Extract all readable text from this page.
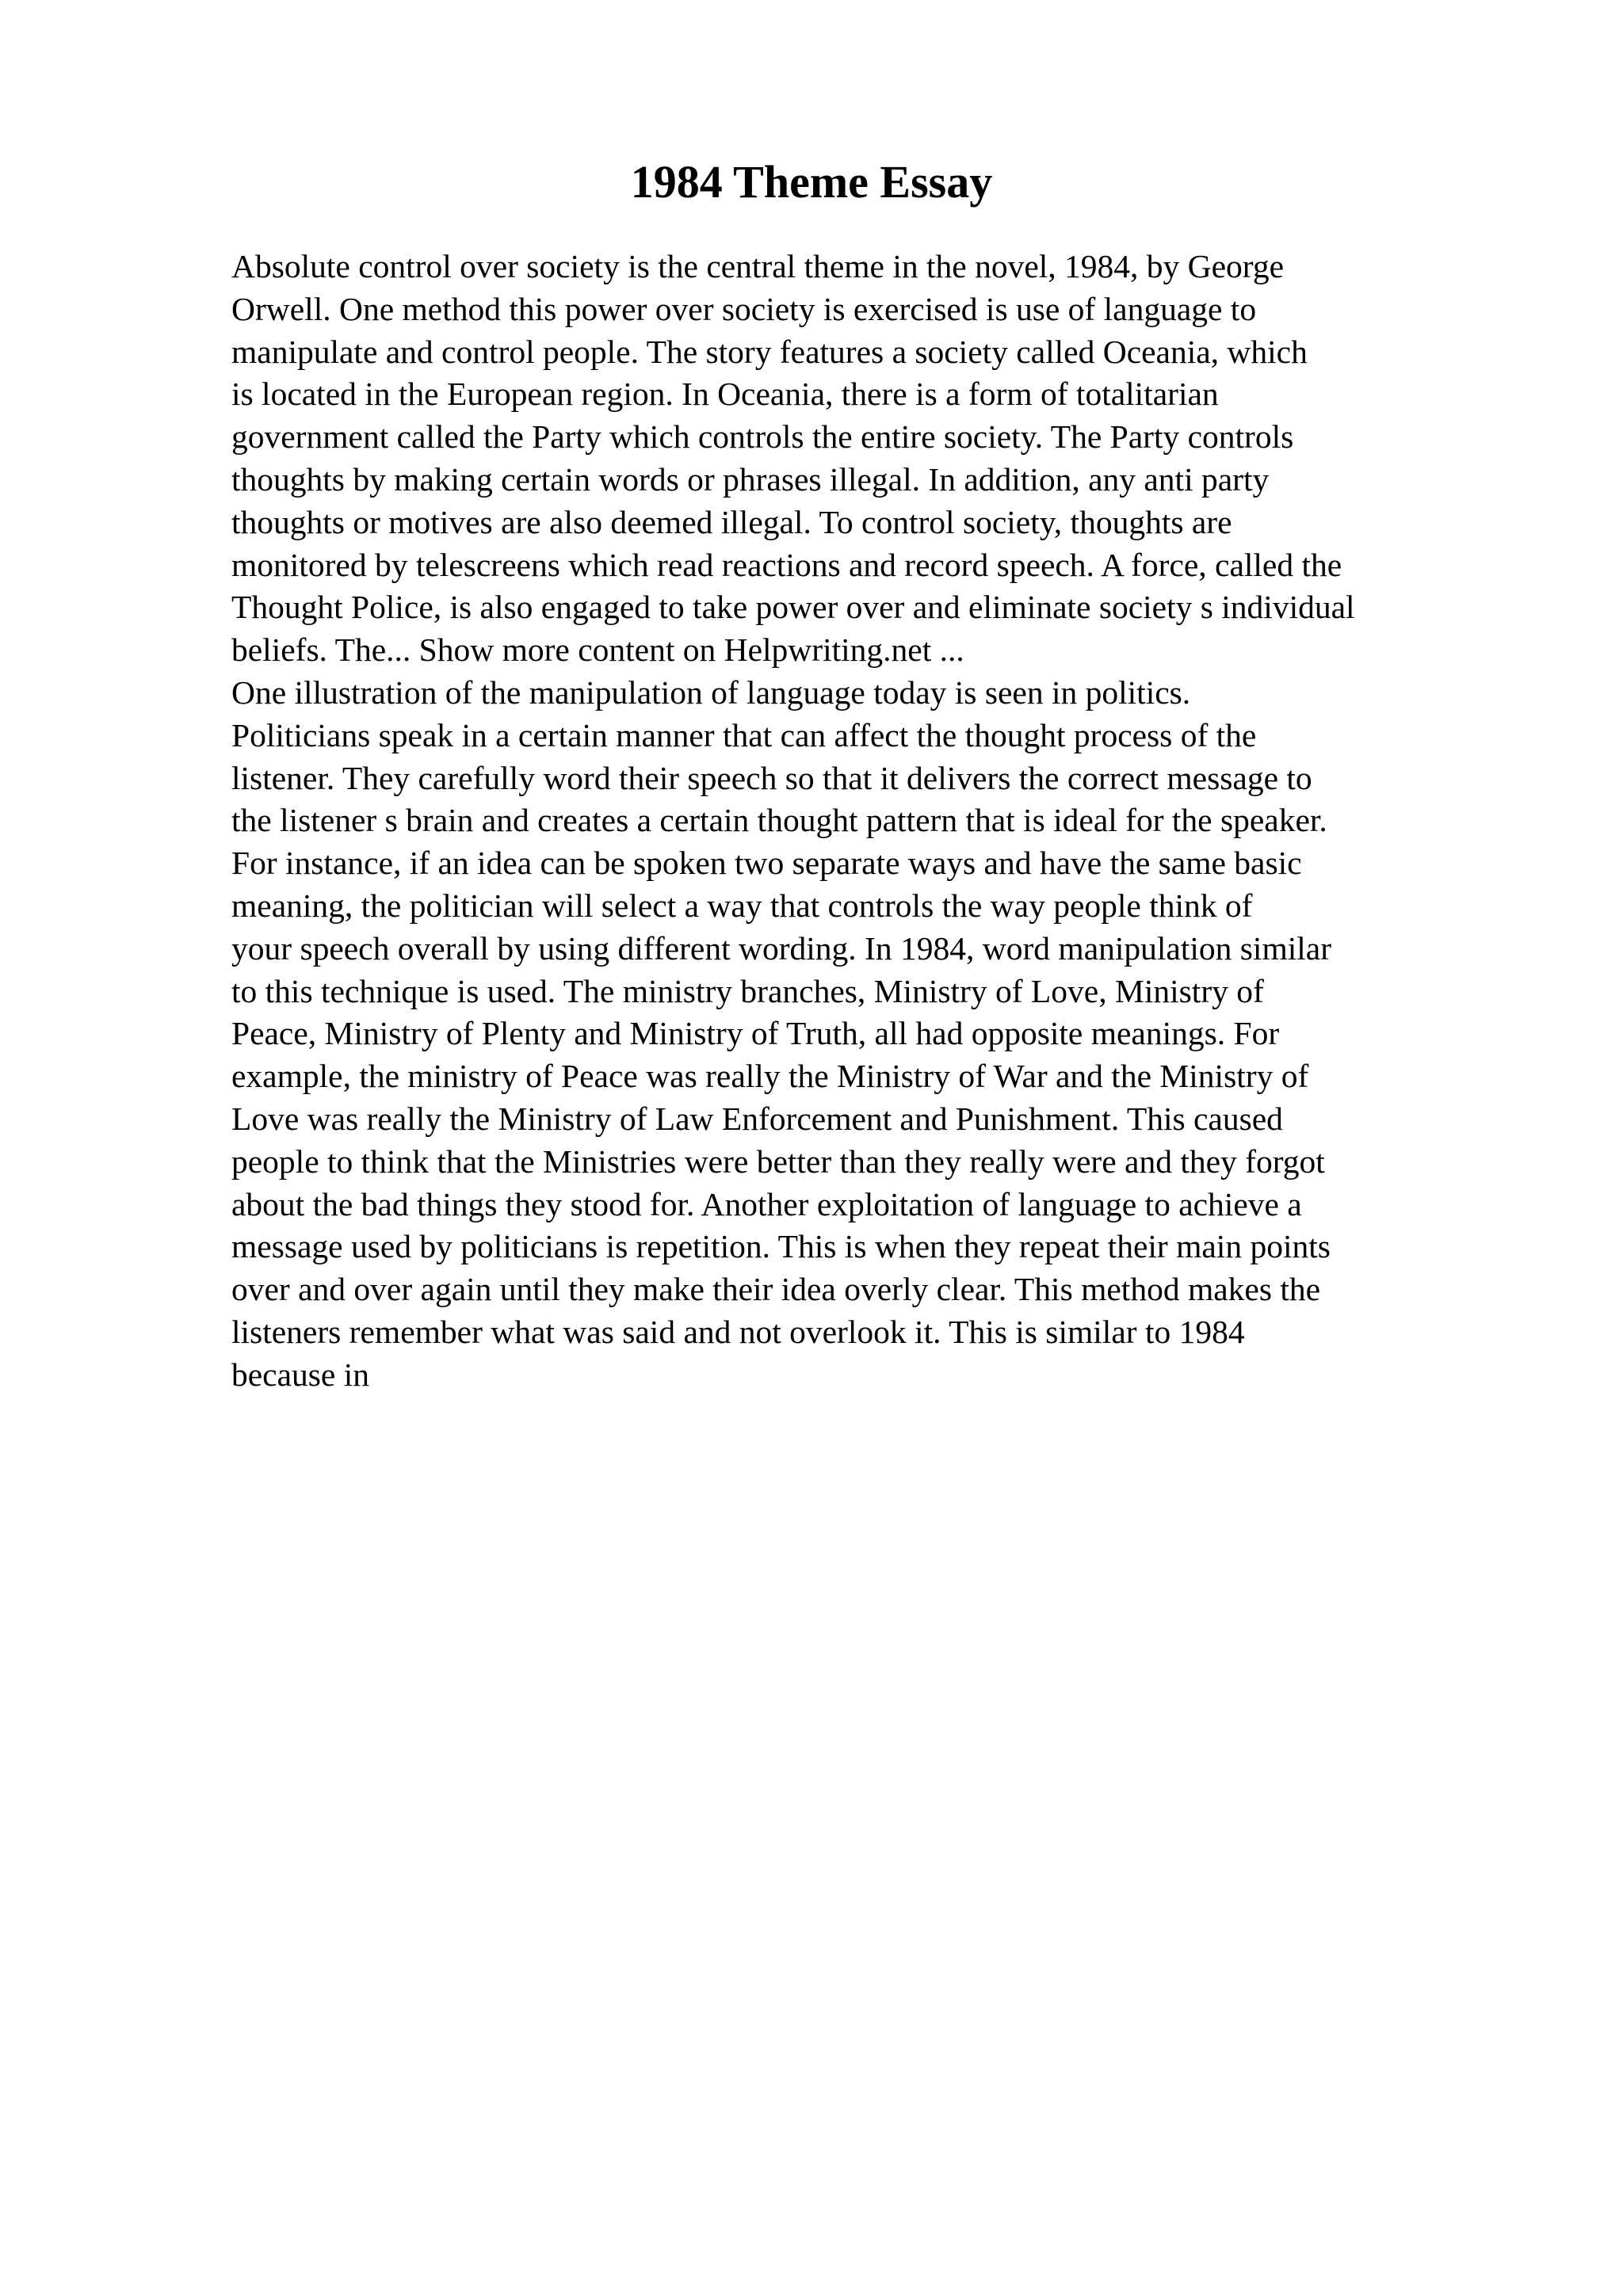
1984 Theme Essay
Absolute control over society is the central theme in the novel, 1984, by George
Orwell. One method this power over society is exercised is use of language to
manipulate and control people. The story features a society called Oceania, which
is located in the European region. In Oceania, there is a form of totalitarian
government called the Party which controls the entire society. The Party controls
thoughts by making certain words or phrases illegal. In addition, any anti party
thoughts or motives are also deemed illegal. To control society, thoughts are
monitored by telescreens which read reactions and record speech. A force, called the
Thought Police, is also engaged to take power over and eliminate society s individual
beliefs. The... Show more content on Helpwriting.net ...
One illustration of the manipulation of language today is seen in politics.
Politicians speak in a certain manner that can affect the thought process of the
listener. They carefully word their speech so that it delivers the correct message to
the listener s brain and creates a certain thought pattern that is ideal for the speaker.
For instance, if an idea can be spoken two separate ways and have the same basic
meaning, the politician will select a way that controls the way people think of
your speech overall by using different wording. In 1984, word manipulation similar
to this technique is used. The ministry branches, Ministry of Love, Ministry of
Peace, Ministry of Plenty and Ministry of Truth, all had opposite meanings. For
example, the ministry of Peace was really the Ministry of War and the Ministry of
Love was really the Ministry of Law Enforcement and Punishment. This caused
people to think that the Ministries were better than they really were and they forgot
about the bad things they stood for. Another exploitation of language to achieve a
message used by politicians is repetition. This is when they repeat their main points
over and over again until they make their idea overly clear. This method makes the
listeners remember what was said and not overlook it. This is similar to 1984
because in
